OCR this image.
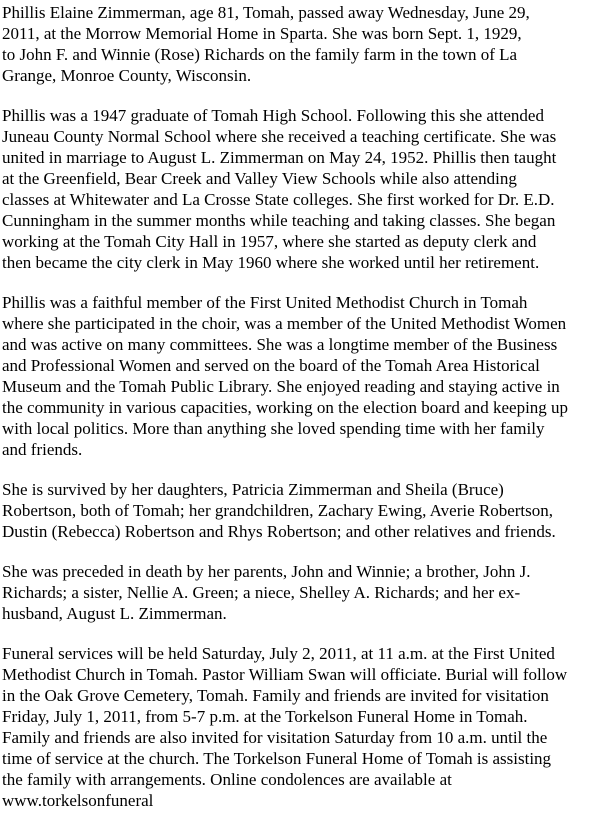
Phillis Elaine Zimmerman, age 81, Tomah, passed away Wednesday, June 29,
2011, at the Morrow Memorial Home in Sparta. She was born Sept. 1, 1929,
to John F. and Winnie (Rose) Richards on the family farm in the town of La
Grange, Monroe County, Wisconsin.

Phillis was a 1947 graduate of Tomah High School. Following this she attended
Juneau County Normal School where she received a teaching certificate. She was
united in marriage to August L. Zimmerman on May 24, 1952. Phillis then taught
at the Greenfield, Bear Creek and Valley View Schools while also attending
classes at Whitewater and La Crosse State colleges. She first worked for Dr. E.D.
Cunningham in the summer months while teaching and taking classes. She began
working at the Tomah City Hall in 1957, where she started as deputy clerk and
then became the city clerk in May 1960 where she worked until her retirement.

Phillis was a faithful member of the First United Methodist Church in Tomah
where she participated in the choir, was a member of the United Methodist Women
and was active on many committees. She was a longtime member of the Business
and Professional Women and served on the board of the Tomah Area Historical
Museum and the Tomah Public Library. She enjoyed reading and staying active in
the community in various capacities, working on the election board and keeping up
with local politics. More than anything she loved spending time with her family
and friends.

She is survived by her daughters, Patricia Zimmerman and Sheila (Bruce)
Robertson, both of Tomah; her grandchildren, Zachary Ewing, Averie Robertson,
Dustin (Rebecca) Robertson and Rhys Robertson; and other relatives and friends.

She was preceded in death by her parents, John and Winnie; a brother, John J.
Richards; a sister, Nellie A. Green; a niece, Shelley A. Richards; and her ex-
husband, August L. Zimmerman.

Funeral services will be held Saturday, July 2, 2011, at 11 a.m. at the First United
Methodist Church in Tomah. Pastor William Swan will officiate. Burial will follow
in the Oak Grove Cemetery, Tomah. Family and friends are invited for visitation
Friday, July 1, 2011, from 5-7 p.m. at the Torkelson Funeral Home in Tomah.
Family and friends are also invited for visitation Saturday from 10 a.m. until the
time of service at the church. The Torkelson Funeral Home of Tomah is assisting
the family with arrangements. Online condolences are available at
www.torkelsonfuneral
